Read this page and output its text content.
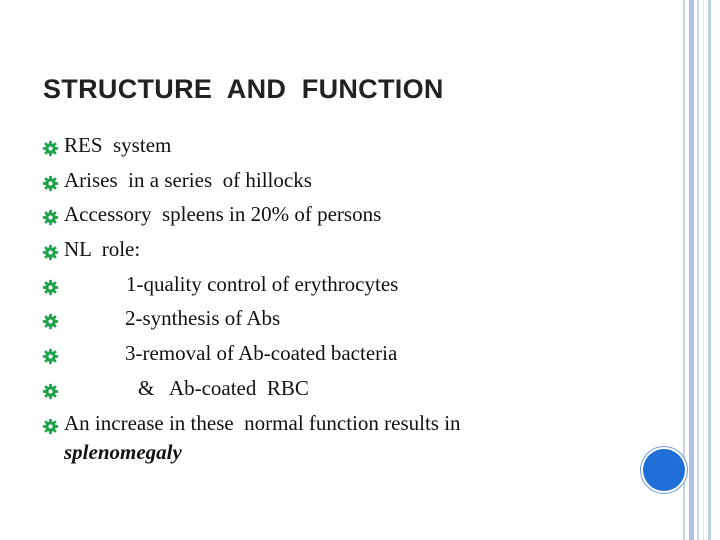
STRUCTURE  AND  FUNCTION

RES  system

Arises  in a series  of hillocks

Accessory  spleens in 20% of persons

NL  role:

1-quality control of erythrocytes

2-synthesis of Abs

3-removal of Ab-coated bacteria

&   Ab-coated  RBC

An increase in these  normal function results in

splenomegaly
